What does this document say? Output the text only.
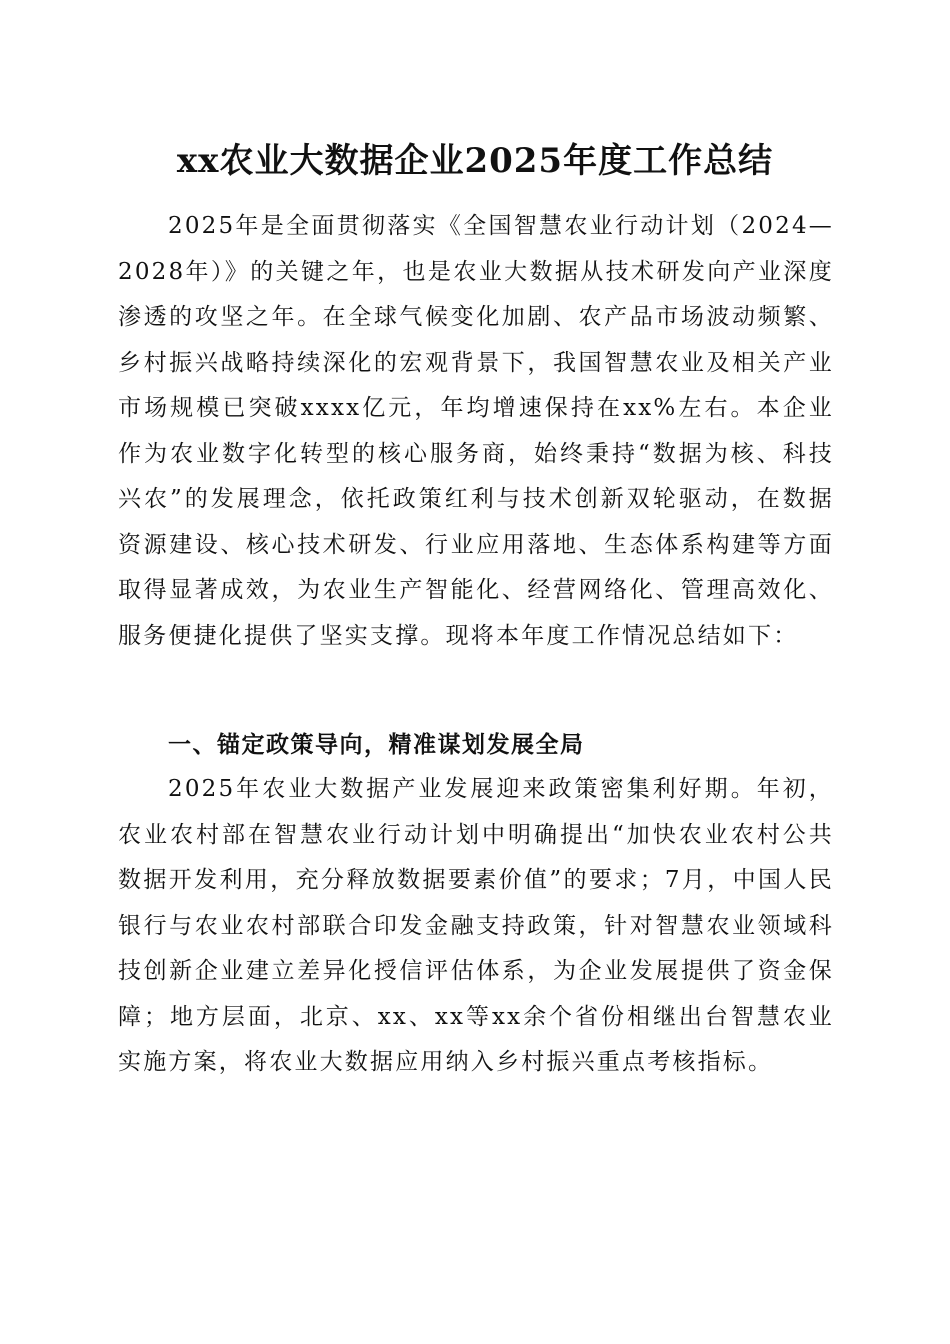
xx农业大数据企业2025年度工作总结

2025年是全面贯彻落实《全国智慧农业行动计划（2024—2028年）》的关键之年，也是农业大数据从技术研发向产业深度渗透的攻坚之年。在全球气候变化加剧、农产品市场波动频繁、乡村振兴战略持续深化的宏观背景下，我国智慧农业及相关产业市场规模已突破xxxx亿元，年均增速保持在xx%左右。本企业作为农业数字化转型的核心服务商，始终秉持“数据为核、科技兴农”的发展理念，依托政策红利与技术创新双轮驱动，在数据资源建设、核心技术研发、行业应用落地、生态体系构建等方面取得显著成效，为农业生产智能化、经营网络化、管理高效化、服务便捷化提供了坚实支撑。现将本年度工作情况总结如下：

一、锚定政策导向，精准谋划发展全局

2025年农业大数据产业发展迎来政策密集利好期。年初，农业农村部在智慧农业行动计划中明确提出“加快农业农村公共数据开发利用，充分释放数据要素价值”的要求；7月，中国人民银行与农业农村部联合印发金融支持政策，针对智慧农业领域科技创新企业建立差异化授信评估体系，为企业发展提供了资金保障；地方层面，北京、xx、xx等xx余个省份相继出台智慧农业实施方案，将农业大数据应用纳入乡村振兴重点考核指标。
